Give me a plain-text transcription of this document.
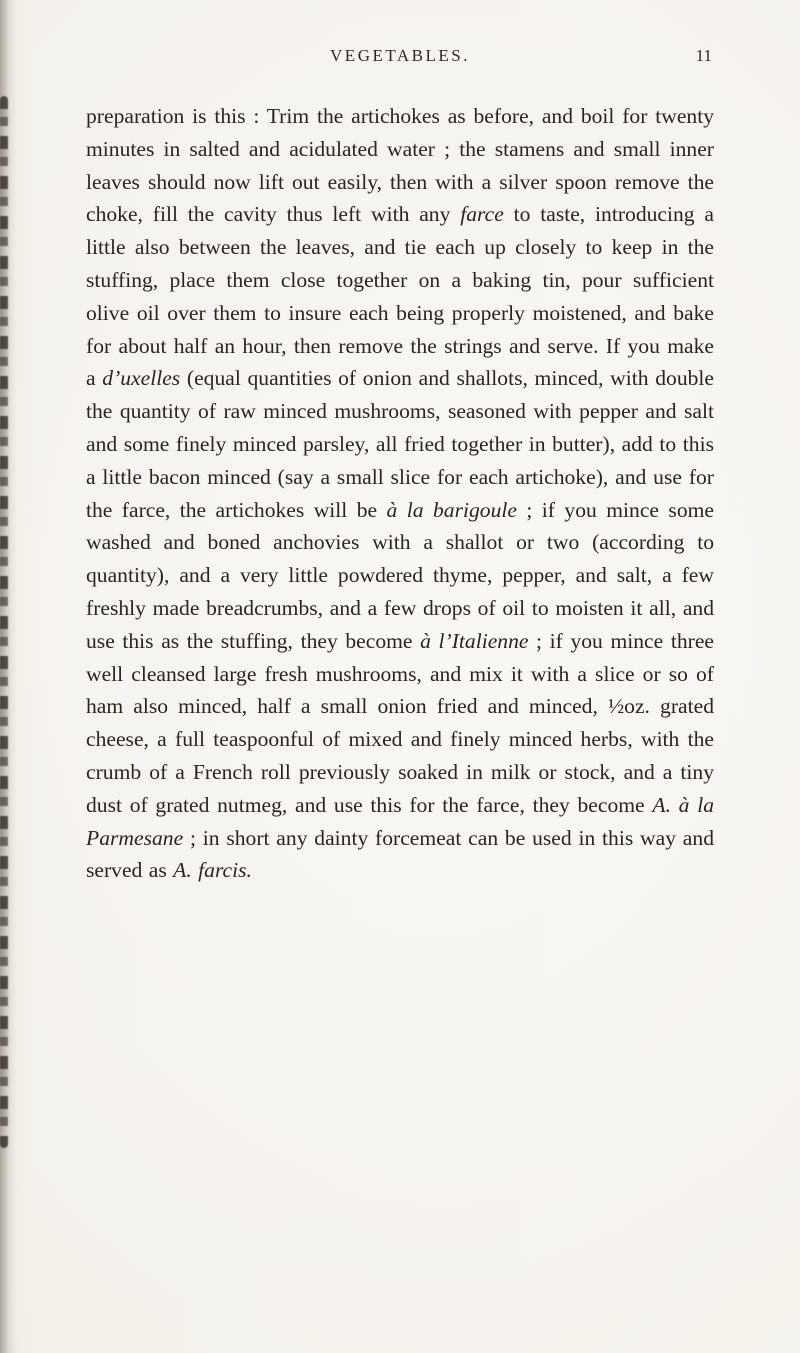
VEGETABLES.	11

preparation is this : Trim the artichokes as before, and boil for twenty minutes in salted and acidulated water ; the stamens and small inner leaves should now lift out easily, then with a silver spoon remove the choke, fill the cavity thus left with any farce to taste, introducing a little also between the leaves, and tie each up closely to keep in the stuffing, place them close together on a baking tin, pour sufficient olive oil over them to insure each being properly moistened, and bake for about half an hour, then remove the strings and serve. If you make a d’uxelles (equal quantities of onion and shallots, minced, with double the quantity of raw minced mushrooms, seasoned with pepper and salt and some finely minced parsley, all fried together in butter), add to this a little bacon minced (say a small slice for each artichoke), and use for the farce, the artichokes will be à la barigoule ; if you mince some washed and boned anchovies with a shallot or two (according to quantity), and a very little powdered thyme, pepper, and salt, a few freshly made breadcrumbs, and a few drops of oil to moisten it all, and use this as the stuffing, they become à l’Italienne ; if you mince three well cleansed large fresh mushrooms, and mix it with a slice or so of ham also minced, half a small onion fried and minced, ½oz. grated cheese, a full teaspoonful of mixed and finely minced herbs, with the crumb of a French roll previously soaked in milk or stock, and a tiny dust of grated nutmeg, and use this for the farce, they become A. à la Parmesane ; in short any dainty forcemeat can be used in this way and served as A. farcis.
